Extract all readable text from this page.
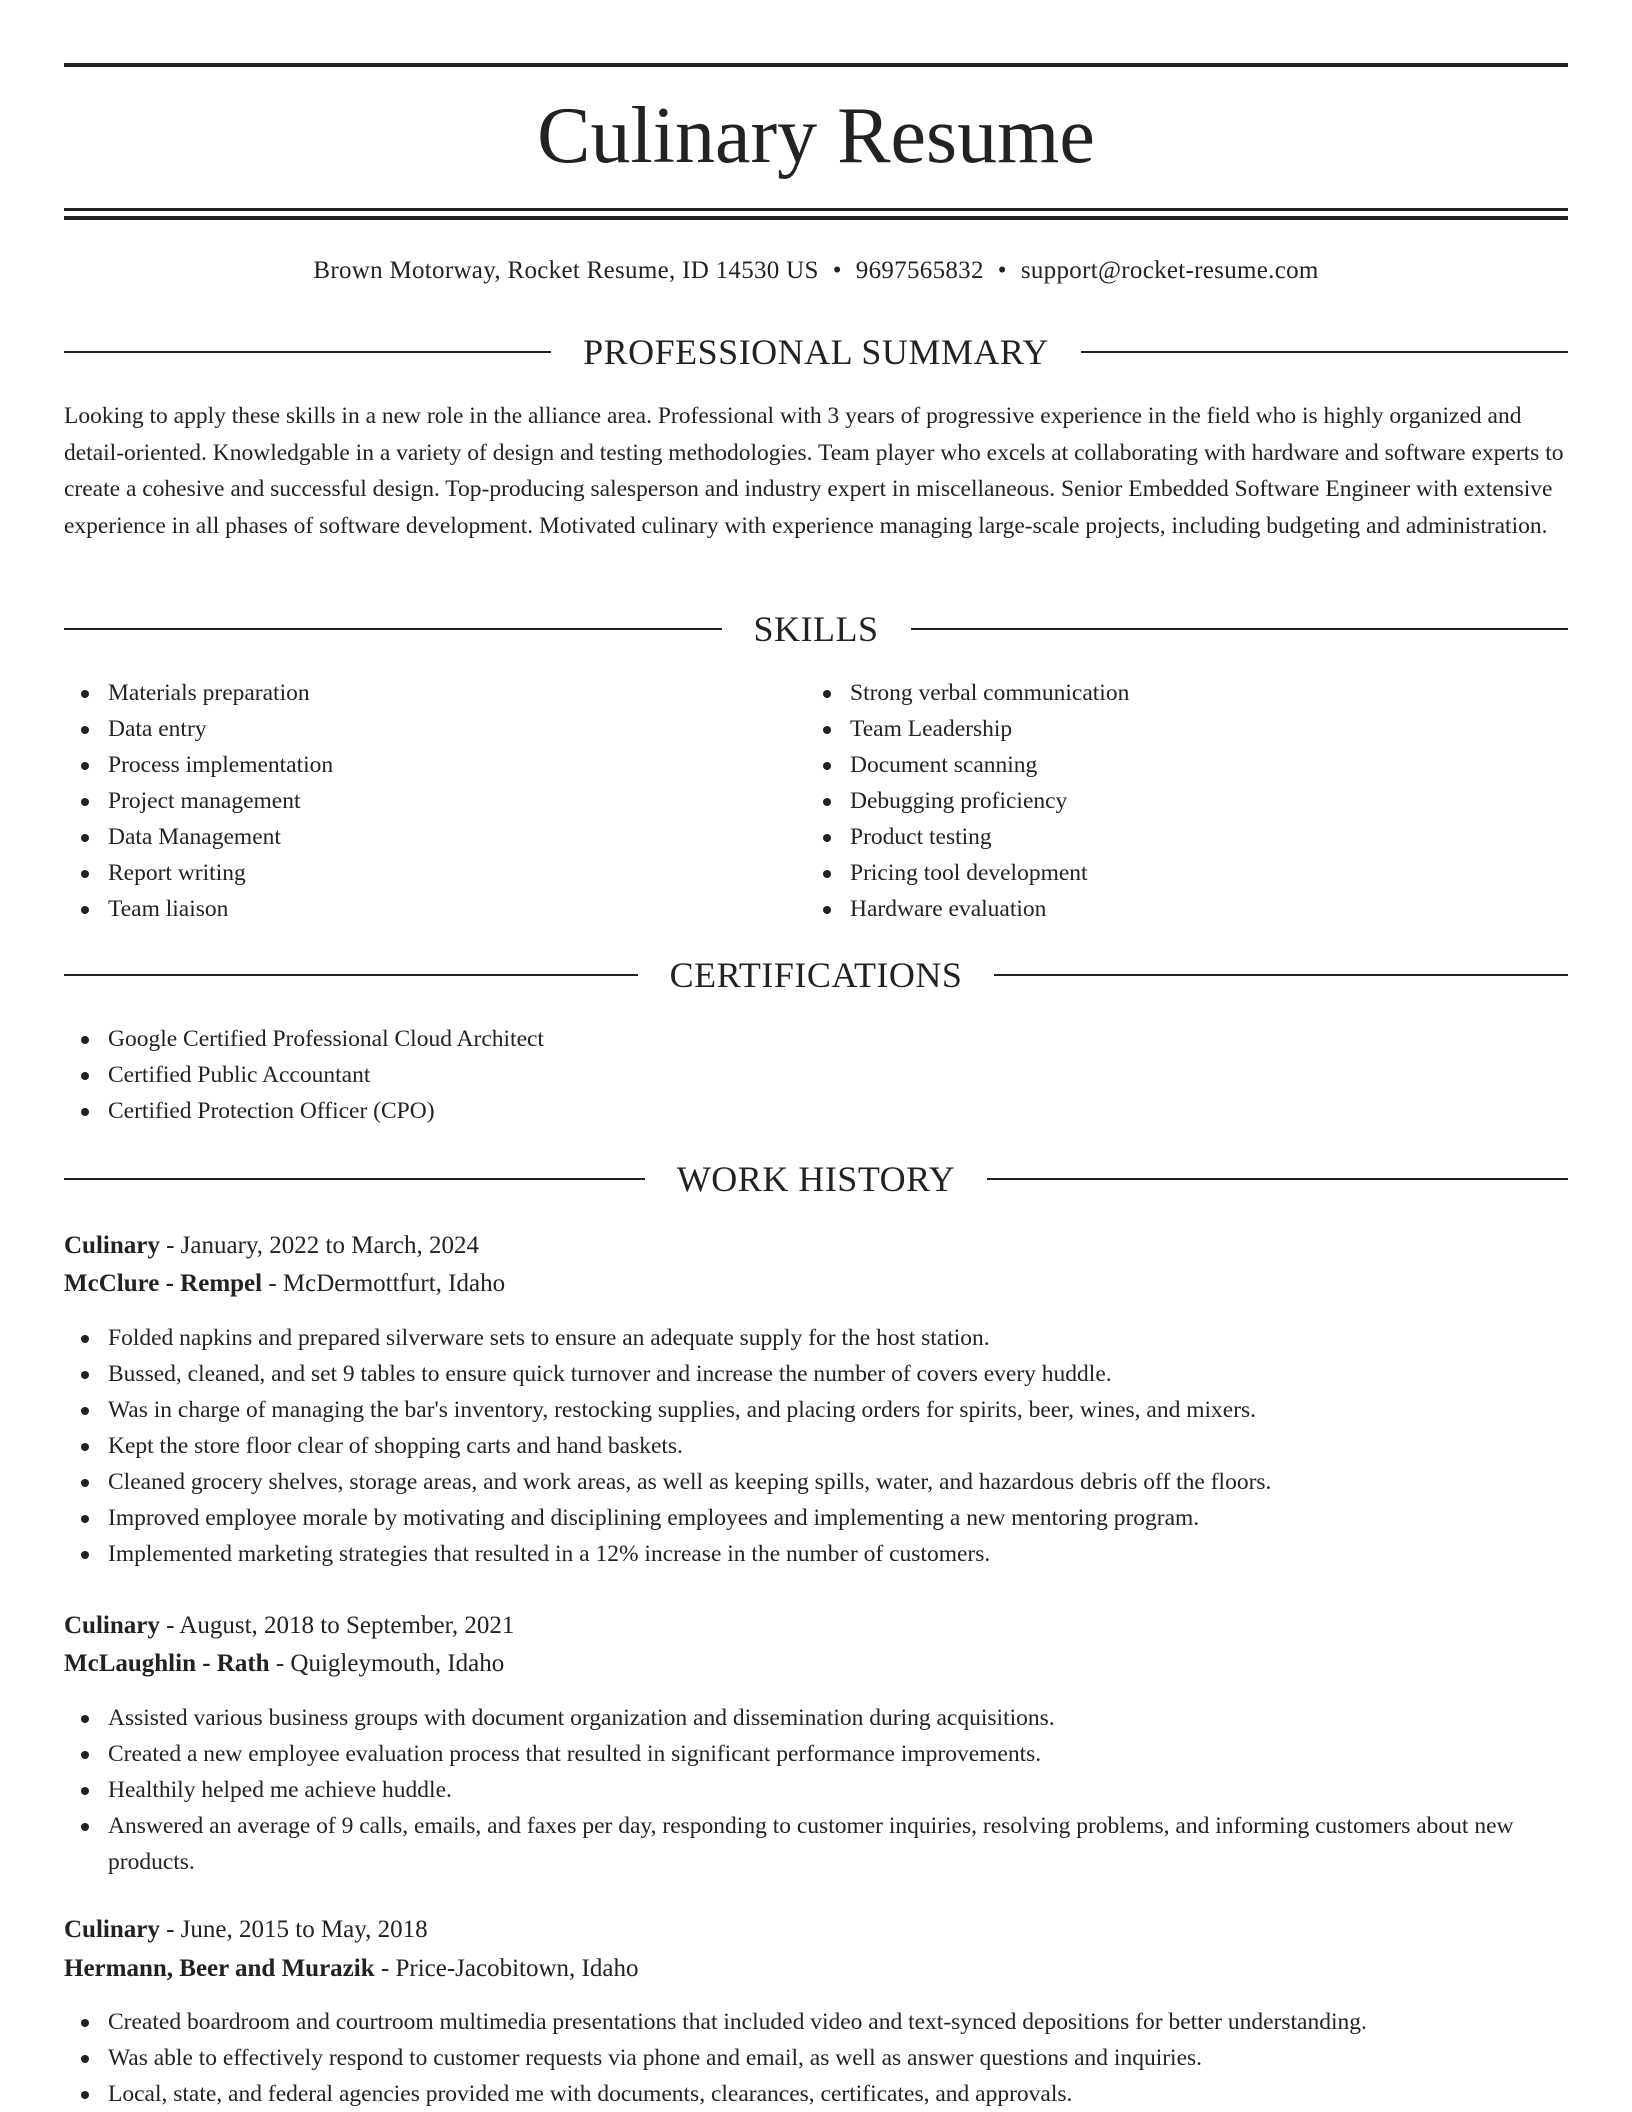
Culinary Resume
Brown Motorway, Rocket Resume, ID 14530 US • 9697565832 • support@rocket-resume.com
PROFESSIONAL SUMMARY

Looking to apply these skills in a new role in the alliance area. Professional with 3 years of progressive experience in the field who is highly organized and detail-oriented. Knowledgable in a variety of design and testing methodologies. Team player who excels at collaborating with hardware and software experts to create a cohesive and successful design. Top-producing salesperson and industry expert in miscellaneous. Senior Embedded Software Engineer with extensive experience in all phases of software development. Motivated culinary with experience managing large-scale projects, including budgeting and administration.

SKILLS
Materials preparation
Data entry
Process implementation
Project management
Data Management
Report writing
Team liaison
Strong verbal communication
Team Leadership
Document scanning
Debugging proficiency
Product testing
Pricing tool development
Hardware evaluation
CERTIFICATIONS
Google Certified Professional Cloud Architect
Certified Public Accountant
Certified Protection Officer (CPO)
WORK HISTORY
Culinary - January, 2022 to March, 2024
McClure - Rempel - McDermottfurt, Idaho
Folded napkins and prepared silverware sets to ensure an adequate supply for the host station.
Bussed, cleaned, and set 9 tables to ensure quick turnover and increase the number of covers every huddle.
Was in charge of managing the bar's inventory, restocking supplies, and placing orders for spirits, beer, wines, and mixers.
Kept the store floor clear of shopping carts and hand baskets.
Cleaned grocery shelves, storage areas, and work areas, as well as keeping spills, water, and hazardous debris off the floors.
Improved employee morale by motivating and disciplining employees and implementing a new mentoring program.
Implemented marketing strategies that resulted in a 12% increase in the number of customers.
Culinary - August, 2018 to September, 2021
McLaughlin - Rath - Quigleymouth, Idaho
Assisted various business groups with document organization and dissemination during acquisitions.
Created a new employee evaluation process that resulted in significant performance improvements.
Healthily helped me achieve huddle.
Answered an average of 9 calls, emails, and faxes per day, responding to customer inquiries, resolving problems, and informing customers about new products.
Culinary - June, 2015 to May, 2018
Hermann, Beer and Murazik - Price-Jacobitown, Idaho
Created boardroom and courtroom multimedia presentations that included video and text-synced depositions for better understanding.
Was able to effectively respond to customer requests via phone and email, as well as answer questions and inquiries.
Local, state, and federal agencies provided me with documents, clearances, certificates, and approvals.
